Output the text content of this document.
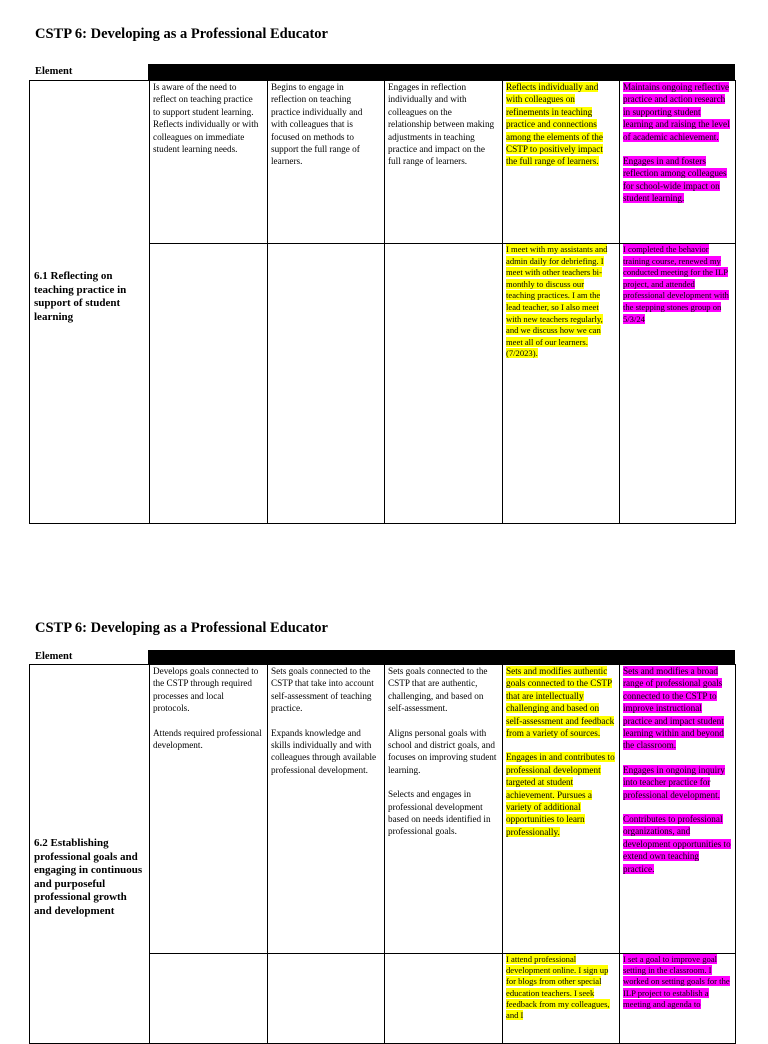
CSTP 6: Developing as a Professional Educator
Element
6.1 Reflecting on teaching practice in support of student learning
Is aware of the need to reflect on teaching practice to support student learning. Reflects individually or with colleagues on immediate student learning needs.
Begins to engage in reflection on teaching practice individually and with colleagues that is focused on methods to support the full range of learners.
Engages in reflection individually and with colleagues on the relationship between making adjustments in teaching practice and impact on the full range of learners.
Reflects individually and with colleagues on refinements in teaching practice and connections among the elements of the CSTP to positively impact the full range of learners.

Maintains ongoing reflective practice and action research in supporting student learning and raising the level of academic achievement.

Engages in and fosters reflection among colleagues for school-wide impact on student learning.

I meet with my assistants and admin daily for debriefing. I meet with other teachers bi-monthly to discuss our teaching practices. I am the lead teacher, so I also meet with new teachers regularly, and we discuss how we can meet all of our learners. (7/2023).
I completed the behavior training course, renewed my conducted meeting for the ILP project, and attended professional development with the stepping stones group on 5/3/24
CSTP 6: Developing as a Professional Educator
Element
6.2 Establishing professional goals and engaging in continuous and purposeful professional growth and development

Develops goals connected to the CSTP through required processes and local protocols.

Attends required professional development.

Sets goals connected to the CSTP that take into account self-assessment of teaching practice.

Expands knowledge and skills individually and with colleagues through available professional development.

Sets goals connected to the CSTP that are authentic, challenging, and based on self-assessment.

Aligns personal goals with school and district goals, and focuses on improving student learning.

Selects and engages in professional development based on needs identified in professional goals.

Sets and modifies authentic goals connected to the CSTP that are intellectually challenging and based on self-assessment and feedback from a variety of sources.

Engages in and contributes to professional development targeted at student achievement. Pursues a variety of additional opportunities to learn professionally.

Sets and modifies a broad range of professional goals connected to the CSTP to improve instructional practice and impact student learning within and beyond the classroom.

Engages in ongoing inquiry into teacher practice for professional development.

Contributes to professional organizations, and development opportunities to extend own teaching practice.

I attend professional development online. I sign up for blogs from other special education teachers. I seek feedback from my colleagues, and I
I set a goal to improve goal setting in the classroom. I worked on setting goals for the ILP project to establish a meeting and agenda to
